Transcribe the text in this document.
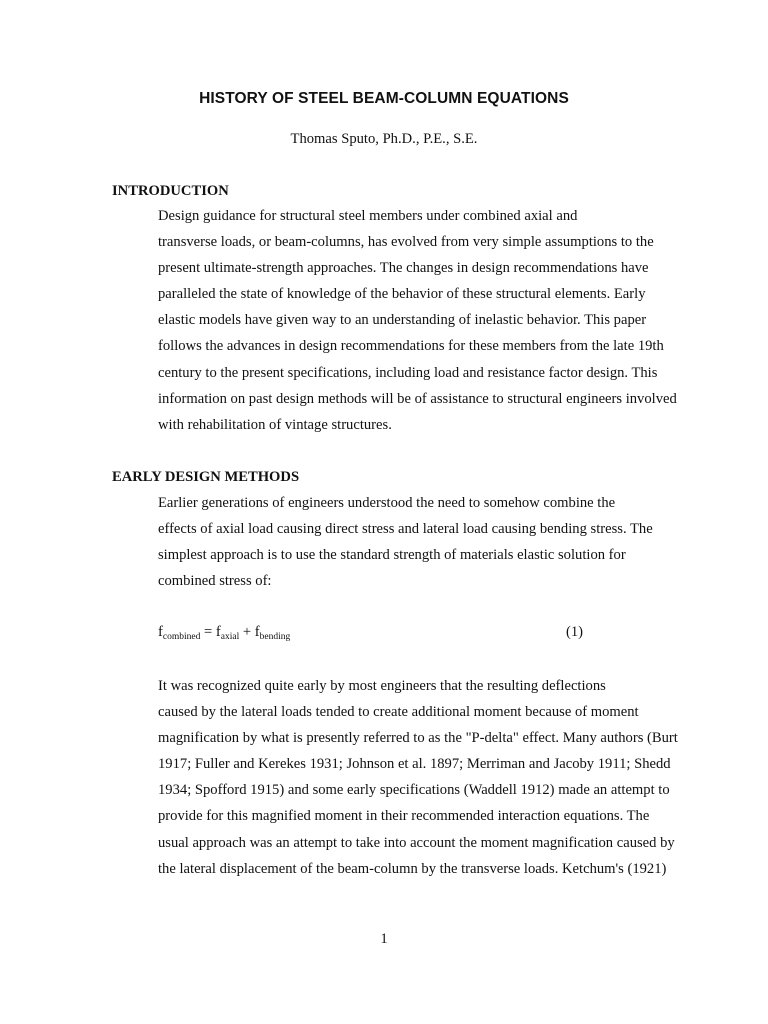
HISTORY OF STEEL BEAM-COLUMN EQUATIONS
Thomas Sputo, Ph.D., P.E., S.E.
INTRODUCTION

Design guidance for structural steel members under combined axial and
transverse loads, or beam-columns, has evolved from very simple assumptions to the
present ultimate-strength approaches. The changes in design recommendations have
paralleled the state of knowledge of the behavior of these structural elements. Early
elastic models have given way to an understanding of inelastic behavior. This paper
follows the advances in design recommendations for these members from the late 19th
century to the present specifications, including load and resistance factor design. This
information on past design methods will be of assistance to structural engineers involved
with rehabilitation of vintage structures.

EARLY DESIGN METHODS

Earlier generations of engineers understood the need to somehow combine the
effects of axial load causing direct stress and lateral load causing bending stress. The
simplest approach is to use the standard strength of materials elastic solution for
combined stress of:

$f_{combined} = f_{axial} + f_{bending}$	(1)

It was recognized quite early by most engineers that the resulting deflections
caused by the lateral loads tended to create additional moment because of moment
magnification by what is presently referred to as the "P-delta" effect. Many authors (Burt
1917; Fuller and Kerekes 1931; Johnson et al. 1897; Merriman and Jacoby 1911; Shedd
1934; Spofford 1915) and some early specifications (Waddell 1912) made an attempt to
provide for this magnified moment in their recommended interaction equations. The
usual approach was an attempt to take into account the moment magnification caused by
the lateral displacement of the beam-column by the transverse loads. Ketchum's (1921)

1
